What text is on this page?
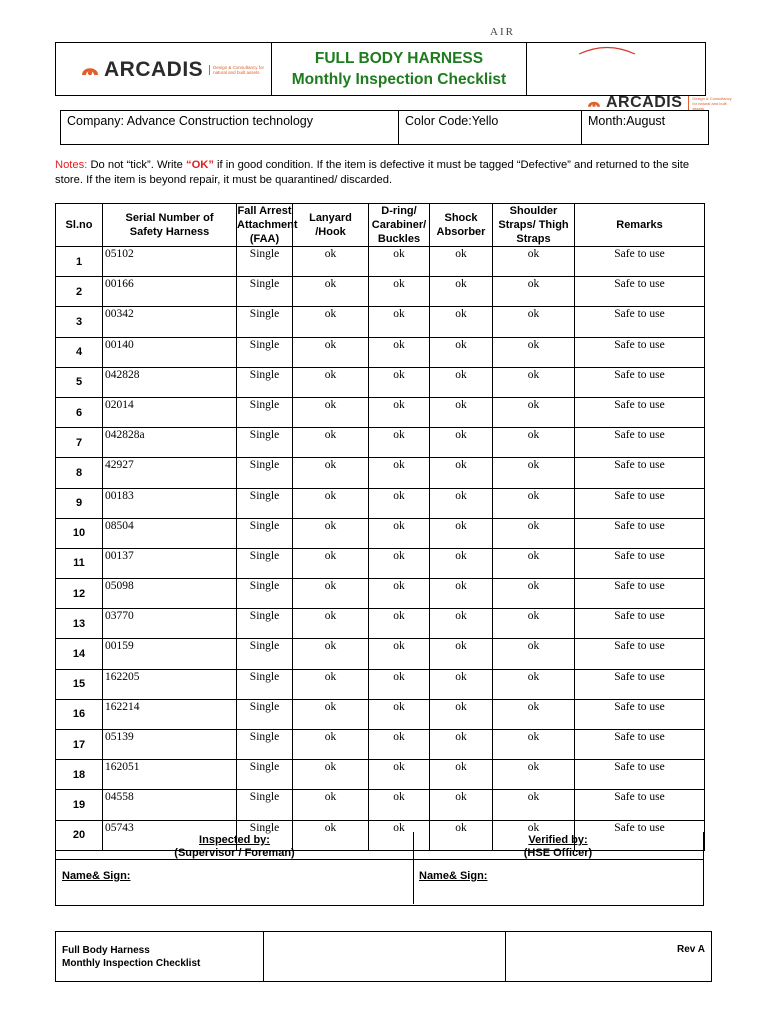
ARCADIS	Design & Consultancy for natural and built assets
FULL BODY HARNESS
Monthly Inspection Checklist
AIR
ARCADIS	Design & Consultancy for natural and built assets
Company: Advance Construction technology	Color Code:Yello	Month:August
Notes: Do not “tick”. Write “OK” if in good condition. If the item is defective it must be tagged “Defective” and returned to the site store. If the item is beyond repair, it must be quarantined/ discarded.
Sl.no	Serial Number of Safety Harness	Fall Arrest Attachment (FAA)	Lanyard /Hook	D-ring/ Carabiner/ Buckles	Shock Absorber	Shoulder Straps/ Thigh Straps	Remarks
1	05102	Single	ok	ok	ok	ok	Safe to use
2	00166	Single	ok	ok	ok	ok	Safe to use
3	00342	Single	ok	ok	ok	ok	Safe to use
4	00140	Single	ok	ok	ok	ok	Safe to use
5	042828	Single	ok	ok	ok	ok	Safe to use
6	02014	Single	ok	ok	ok	ok	Safe to use
7	042828a	Single	ok	ok	ok	ok	Safe to use
8	42927	Single	ok	ok	ok	ok	Safe to use
9	00183	Single	ok	ok	ok	ok	Safe to use
10	08504	Single	ok	ok	ok	ok	Safe to use
11	00137	Single	ok	ok	ok	ok	Safe to use
12	05098	Single	ok	ok	ok	ok	Safe to use
13	03770	Single	ok	ok	ok	ok	Safe to use
14	00159	Single	ok	ok	ok	ok	Safe to use
15	162205	Single	ok	ok	ok	ok	Safe to use
16	162214	Single	ok	ok	ok	ok	Safe to use
17	05139	Single	ok	ok	ok	ok	Safe to use
18	162051	Single	ok	ok	ok	ok	Safe to use
19	04558	Single	ok	ok	ok	ok	Safe to use
20	05743	Single	ok	ok	ok	ok	Safe to use
Inspected by:
(Supervisor / Foreman)
Name& Sign:
Verified by:
(HSE Officer)
Name& Sign:
Full Body Harness
Monthly Inspection Checklist
Rev A
